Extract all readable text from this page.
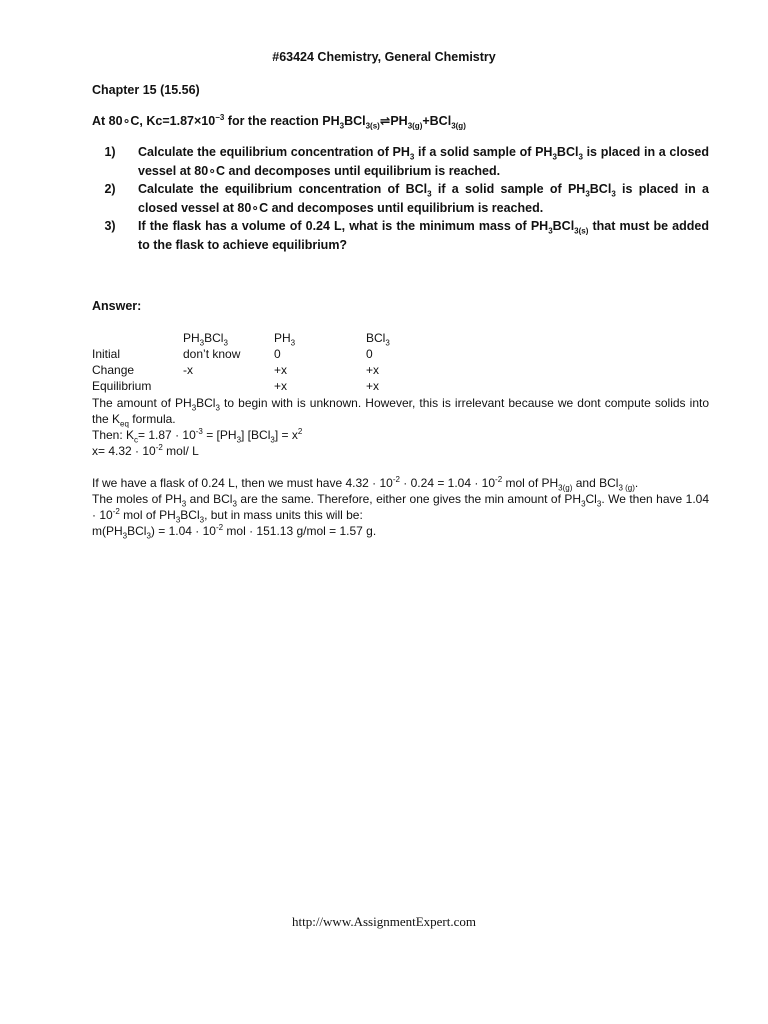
#63424 Chemistry, General Chemistry
Chapter 15 (15.56)
At 80∘C, $Kc=1.87\times 10^{-3}$ for the reaction $PH_3BCl_{3(s)}\rightleftharpoons PH_{3(g)}+BCl_{3(g)}$
1)	Calculate the equilibrium concentration of $PH_3$ if a solid sample of $PH_3BCl_3$ is placed in a closed vessel at 80∘C and decomposes until equilibrium is reached.
2)	Calculate the equilibrium concentration of BCl$_3$ if a solid sample of $PH_3BCl_3$ is placed in a closed vessel at 80∘C and decomposes until equilibrium is reached.
3)	If the flask has a volume of 0.24 L, what is the minimum mass of $PH_3BCl_{3(s)}$ that must be added to the flask to achieve equilibrium?
Answer:
	$PH_3BCl_3$	$PH_3$	BCl$_3$
Initial	don’t know	0	0
Change	-x	+x	+x
Equilibrium		+x	+x
The amount of $PH_3BCl_3$ to begin with is unknown. However, this is irrelevant because we dont compute solids into the $K_{eq}$ formula.
Then: $K_c= 1.87 \cdot 10^{-3} = [PH_3] [BCl_3] = x^2$
$x= 4.32 \cdot 10^{-2}$ mol/ L
If we have a flask of 0.24 L, then we must have $4.32 \cdot 10^{-2} \cdot 0.24 = 1.04 \cdot 10^{-2}$ mol of $PH_{3(g)}$ and BCl$_{3 (g)}$.
The moles of $PH_3$ and BCl$_3$ are the same. Therefore, either one gives the min amount of $PH_3Cl_3$. We then have $1.04 \cdot 10^{-2}$ mol of $PH_3BCl_3$, but in mass units this will be:
$m(PH_3BCl_3) = 1.04 \cdot 10^{-2}$ mol · 151.13 g/mol = 1.57 g.
http://www.AssignmentExpert.com
